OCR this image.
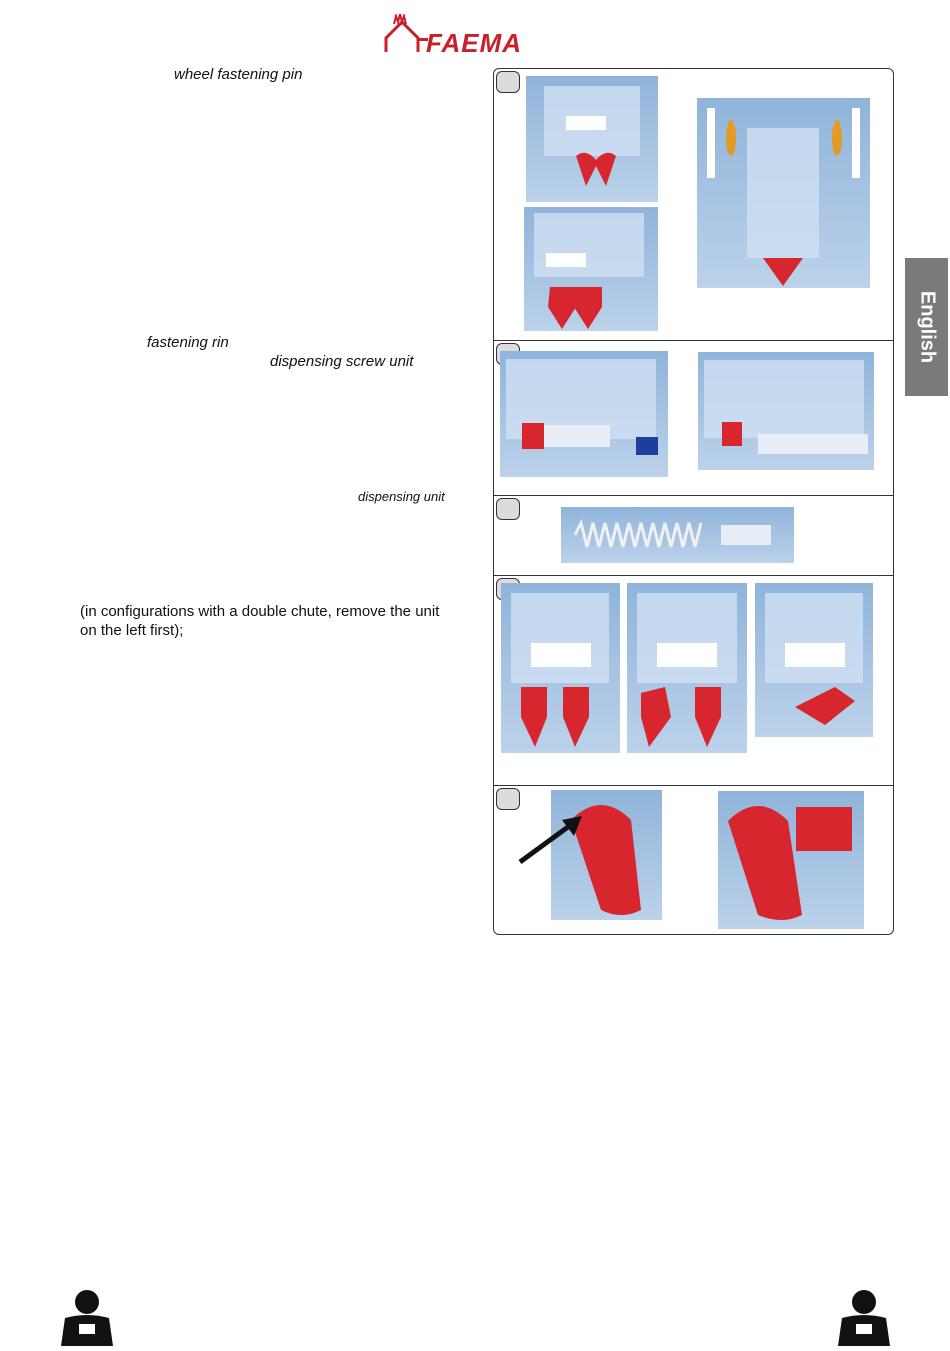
FAEMA
English
wheel fastening pin
fastening rin
dispensing screw unit
dispensing unit
(in configurations with a double chute, remove the unit on the left first);
